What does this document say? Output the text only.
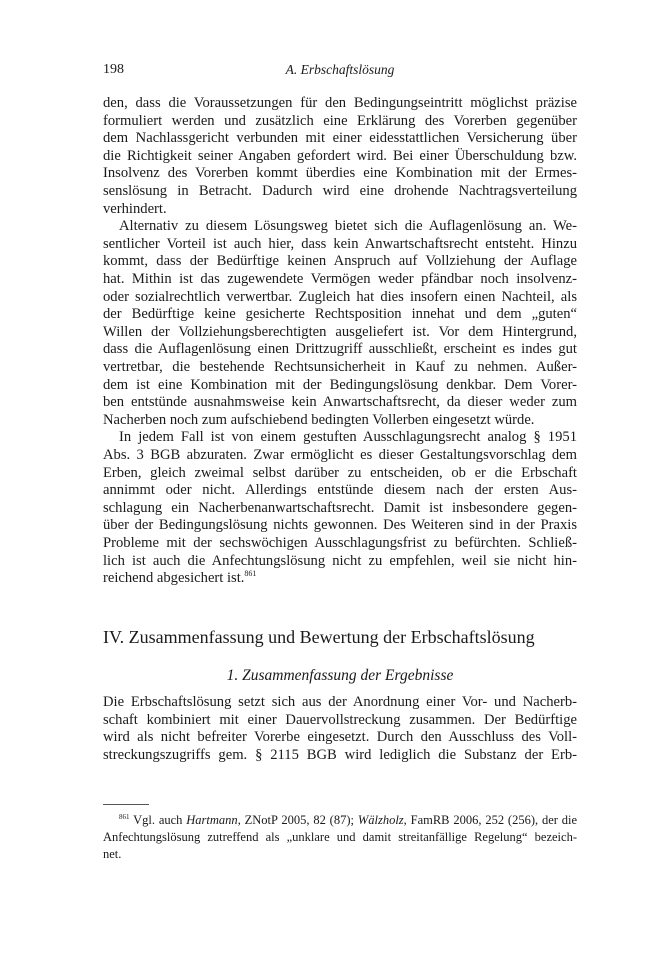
198	A. Erbschaftslösung
den, dass die Voraussetzungen für den Bedingungseintritt möglichst präzise
formuliert werden und zusätzlich eine Erklärung des Vorerben gegenüber
dem Nachlassgericht verbunden mit einer eidesstattlichen Versicherung über
die Richtigkeit seiner Angaben gefordert wird. Bei einer Überschuldung bzw.
Insolvenz des Vorerben kommt überdies eine Kombination mit der Ermes-
senslösung in Betracht. Dadurch wird eine drohende Nachtragsverteilung
verhindert.
Alternativ zu diesem Lösungsweg bietet sich die Auflagenlösung an. We-
sentlicher Vorteil ist auch hier, dass kein Anwartschaftsrecht entsteht. Hinzu
kommt, dass der Bedürftige keinen Anspruch auf Vollziehung der Auflage
hat. Mithin ist das zugewendete Vermögen weder pfändbar noch insolvenz-
oder sozialrechtlich verwertbar. Zugleich hat dies insofern einen Nachteil, als
der Bedürftige keine gesicherte Rechtsposition innehat und dem „guten“
Willen der Vollziehungsberechtigten ausgeliefert ist. Vor dem Hintergrund,
dass die Auflagenlösung einen Drittzugriff ausschließt, erscheint es indes gut
vertretbar, die bestehende Rechtsunsicherheit in Kauf zu nehmen. Außer-
dem ist eine Kombination mit der Bedingungslösung denkbar. Dem Vorer-
ben entstünde ausnahmsweise kein Anwartschaftsrecht, da dieser weder zum
Nacherben noch zum aufschiebend bedingten Vollerben eingesetzt würde.
In jedem Fall ist von einem gestuften Ausschlagungsrecht analog § 1951
Abs. 3 BGB abzuraten. Zwar ermöglicht es dieser Gestaltungsvorschlag dem
Erben, gleich zweimal selbst darüber zu entscheiden, ob er die Erbschaft
annimmt oder nicht. Allerdings entstünde diesem nach der ersten Aus-
schlagung ein Nacherbenanwartschaftsrecht. Damit ist insbesondere gegen-
über der Bedingungslösung nichts gewonnen. Des Weiteren sind in der Praxis
Probleme mit der sechswöchigen Ausschlagungsfrist zu befürchten. Schließ-
lich ist auch die Anfechtungslösung nicht zu empfehlen, weil sie nicht hin-
reichend abgesichert ist.$^{861}$
IV. Zusammenfassung und Bewertung der Erbschaftslösung
1. Zusammenfassung der Ergebnisse
Die Erbschaftslösung setzt sich aus der Anordnung einer Vor- und Nacherb-
schaft kombiniert mit einer Dauervollstreckung zusammen. Der Bedürftige
wird als nicht befreiter Vorerbe eingesetzt. Durch den Ausschluss des Voll-
streckungszugriffs gem. § 2115 BGB wird lediglich die Substanz der Erb-
$^{861}$ Vgl. auch Hartmann, ZNotP 2005, 82 (87); Wälzholz, FamRB 2006, 252 (256), der die
Anfechtungslösung zutreffend als „unklare und damit streitanfällige Regelung“ bezeich-
net.
